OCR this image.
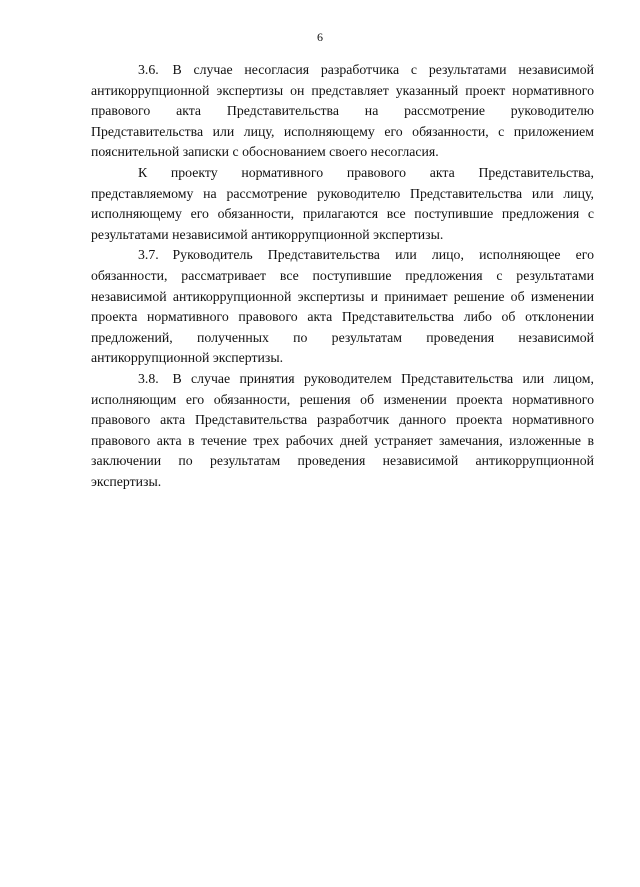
6

3.6. В случае несогласия разработчика с результатами независимой антикоррупционной экспертизы он представляет указанный проект нормативного правового акта Представительства на рассмотрение руководителю Представительства или лицу, исполняющему его обязанности, с приложением пояснительной записки с обоснованием своего несогласия.

К проекту нормативного правового акта Представительства, представляемому на рассмотрение руководителю Представительства или лицу, исполняющему его обязанности, прилагаются все поступившие предложения с результатами независимой антикоррупционной экспертизы.

3.7. Руководитель Представительства или лицо, исполняющее его обязанности, рассматривает все поступившие предложения с результатами независимой антикоррупционной экспертизы и принимает решение об изменении проекта нормативного правового акта Представительства либо об отклонении предложений, полученных по результатам проведения независимой антикоррупционной экспертизы.

3.8. В случае принятия руководителем Представительства или лицом, исполняющим его обязанности, решения об изменении проекта нормативного правового акта Представительства разработчик данного проекта нормативного правового акта в течение трех рабочих дней устраняет замечания, изложенные в заключении по результатам проведения независимой антикоррупционной экспертизы.
